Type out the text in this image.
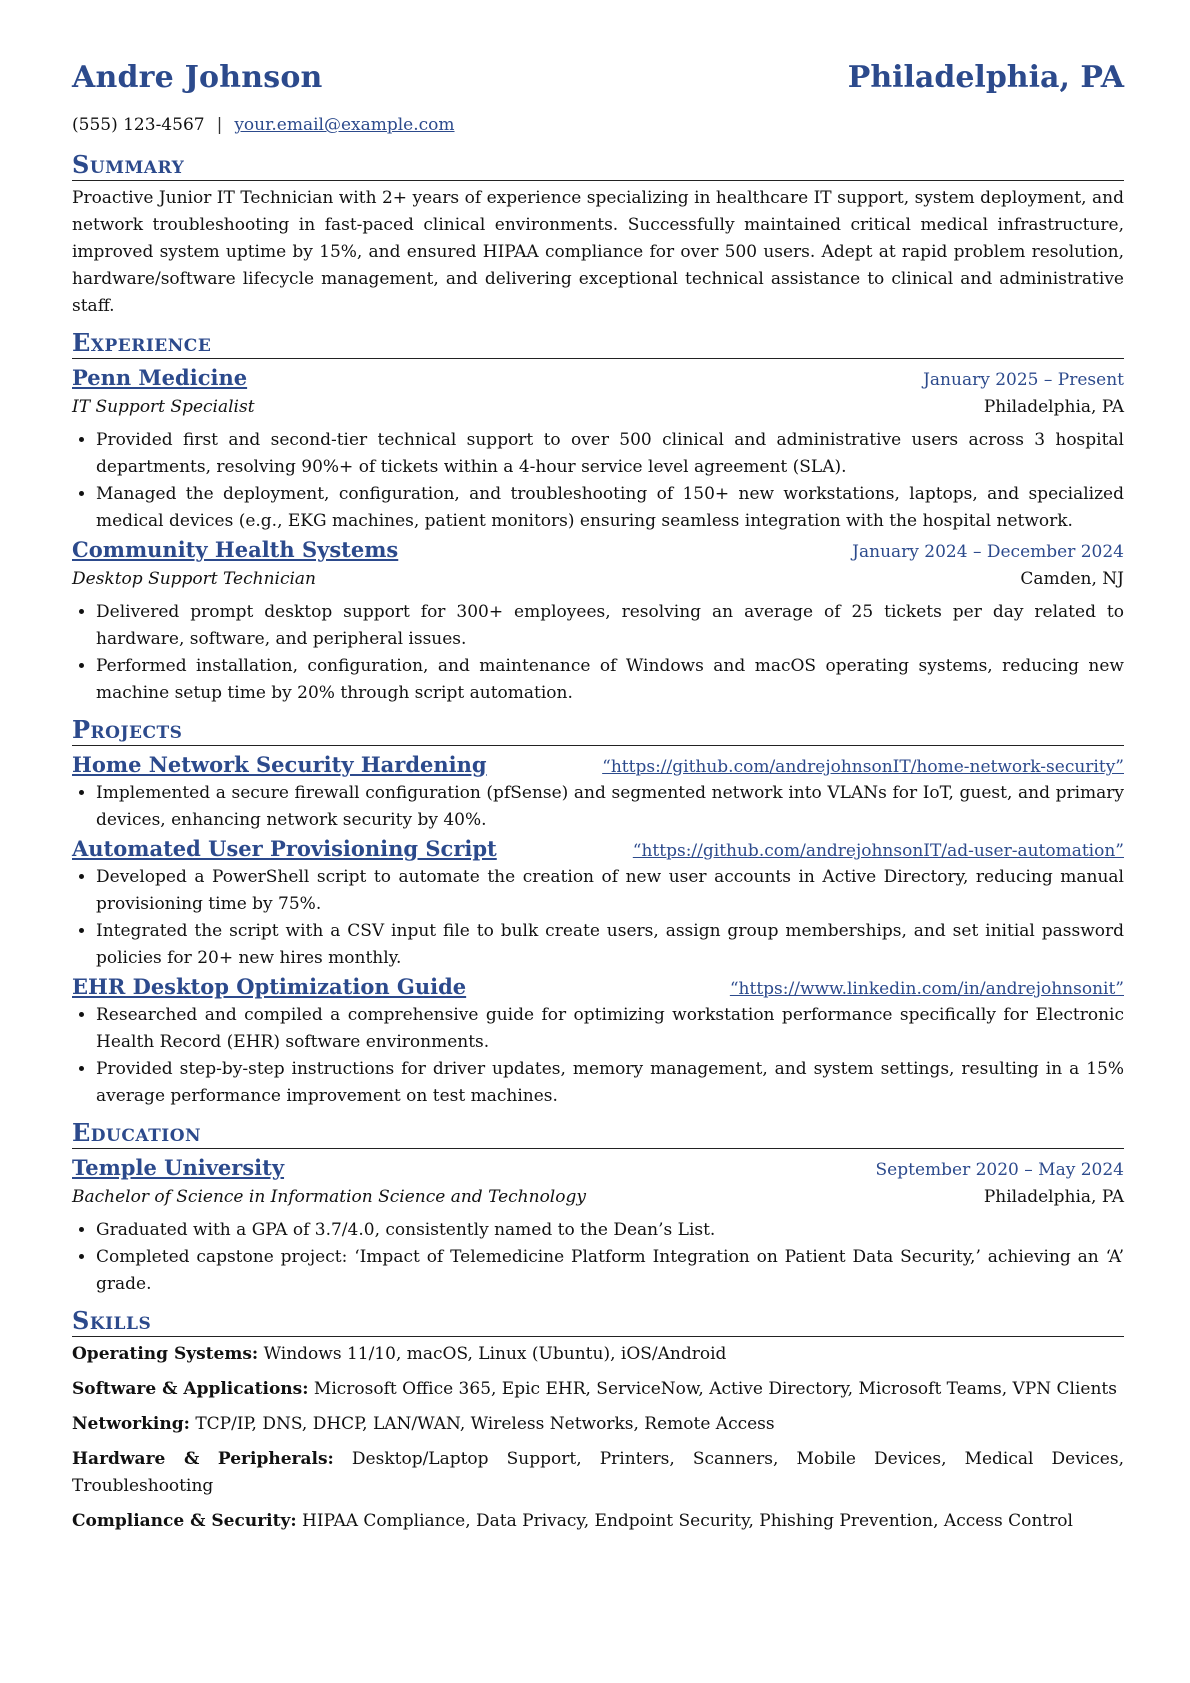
Andre Johnson	Philadelphia, PA
(555) 123-4567 | your.email@example.com
Summary

Proactive Junior IT Technician with 2+ years of experience specializing in healthcare IT support, system deployment, and network troubleshooting in fast-paced clinical environments. Successfully maintained critical medical infrastructure, improved system uptime by 15%, and ensured HIPAA compliance for over 500 users. Adept at rapid problem resolution, hardware/software lifecycle management, and delivering exceptional technical assistance to clinical and administrative staff.

Experience
Penn Medicine	January 2025 – Present
IT Support Specialist	Philadelphia, PA
• Provided first and second-tier technical support to over 500 clinical and administrative users across 3 hospital departments, resolving 90%+ of tickets within a 4-hour service level agreement (SLA).
• Managed the deployment, configuration, and troubleshooting of 150+ new workstations, laptops, and specialized medical devices (e.g., EKG machines, patient monitors) ensuring seamless integration with the hospital network.
Community Health Systems	January 2024 – December 2024
Desktop Support Technician	Camden, NJ
• Delivered prompt desktop support for 300+ employees, resolving an average of 25 tickets per day related to hardware, software, and peripheral issues.
• Performed installation, configuration, and maintenance of Windows and macOS operating systems, reducing new machine setup time by 20% through script automation.
Projects
Home Network Security Hardening	“https://github.com/andrejohnsonIT/home-network-security”
• Implemented a secure firewall configuration (pfSense) and segmented network into VLANs for IoT, guest, and primary devices, enhancing network security by 40%.
Automated User Provisioning Script	“https://github.com/andrejohnsonIT/ad-user-automation”
• Developed a PowerShell script to automate the creation of new user accounts in Active Directory, reducing manual provisioning time by 75%.
• Integrated the script with a CSV input file to bulk create users, assign group memberships, and set initial password policies for 20+ new hires monthly.
EHR Desktop Optimization Guide	“https://www.linkedin.com/in/andrejohnsonit”
• Researched and compiled a comprehensive guide for optimizing workstation performance specifically for Electronic Health Record (EHR) software environments.
• Provided step-by-step instructions for driver updates, memory management, and system settings, resulting in a 15% average performance improvement on test machines.
Education
Temple University	September 2020 – May 2024
Bachelor of Science in Information Science and Technology	Philadelphia, PA
• Graduated with a GPA of 3.7/4.0, consistently named to the Dean’s List.
• Completed capstone project: ‘Impact of Telemedicine Platform Integration on Patient Data Security,’ achieving an ‘A’ grade.
Skills

Operating Systems: Windows 11/10, macOS, Linux (Ubuntu), iOS/Android

Software & Applications: Microsoft Office 365, Epic EHR, ServiceNow, Active Directory, Microsoft Teams, VPN Clients

Networking: TCP/IP, DNS, DHCP, LAN/WAN, Wireless Networks, Remote Access

Hardware & Peripherals: Desktop/Laptop Support, Printers, Scanners, Mobile Devices, Medical Devices, Troubleshooting

Compliance & Security: HIPAA Compliance, Data Privacy, Endpoint Security, Phishing Prevention, Access Control
